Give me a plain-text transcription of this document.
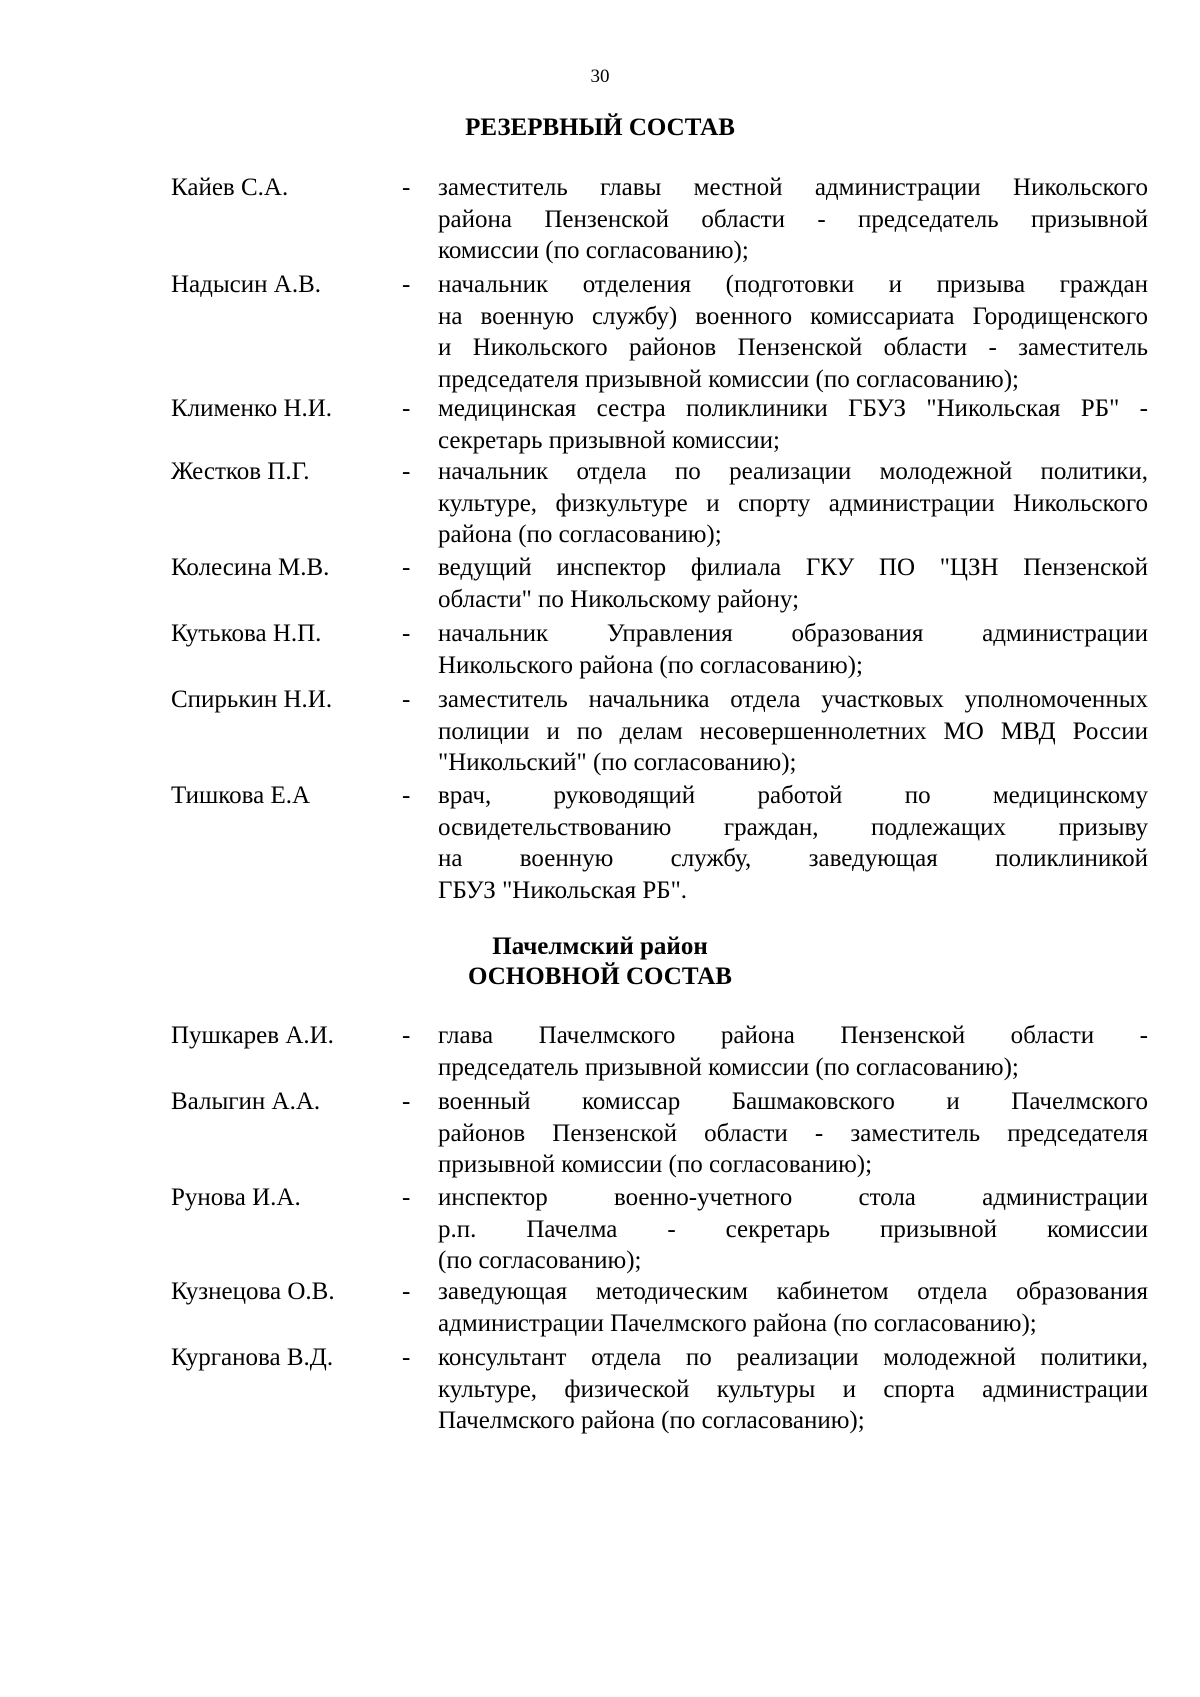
30
РЕЗЕРВНЫЙ СОСТАВ
Кайев С.А.	- заместитель главы местной администрации Никольского
района Пензенской области - председатель призывной
комиссии (по согласованию);
Надысин А.В.	- начальник отделения (подготовки и призыва граждан
на военную службу) военного комиссариата Городищенского
и Никольского районов Пензенской области - заместитель
председателя призывной комиссии (по согласованию);
Клименко Н.И.	- медицинская сестра поликлиники ГБУЗ "Никольская РБ" -
секретарь призывной комиссии;
Жестков П.Г.	- начальник отдела по реализации молодежной политики,
культуре, физкультуре и спорту администрации Никольского
района (по согласованию);
Колесина М.В.	- ведущий инспектор филиала ГКУ ПО "ЦЗН Пензенской
области" по Никольскому району;
Кутькова Н.П.	- начальник Управления образования администрации
Никольского района (по согласованию);
Спирькин Н.И.	- заместитель начальника отдела участковых уполномоченных
полиции и по делам несовершеннолетних МО МВД России
"Никольский" (по согласованию);
Тишкова Е.А	- врач, руководящий работой по медицинскому
освидетельствованию граждан, подлежащих призыву
на военную службу, заведующая поликлиникой
ГБУЗ "Никольская РБ".
Пачелмский район
ОСНОВНОЙ СОСТАВ
Пушкарев А.И.	- глава Пачелмского района Пензенской области -
председатель призывной комиссии (по согласованию);
Валыгин А.А.	- военный комиссар Башмаковского и Пачелмского
районов Пензенской области - заместитель председателя
призывной комиссии (по согласованию);
Рунова И.А.	- инспектор военно-учетного стола администрации
р.п. Пачелма - секретарь призывной комиссии
(по согласованию);
Кузнецова О.В.	- заведующая методическим кабинетом отдела образования
администрации Пачелмского района (по согласованию);
Курганова В.Д.	- консультант отдела по реализации молодежной политики,
культуре, физической культуры и спорта администрации
Пачелмского района (по согласованию);
